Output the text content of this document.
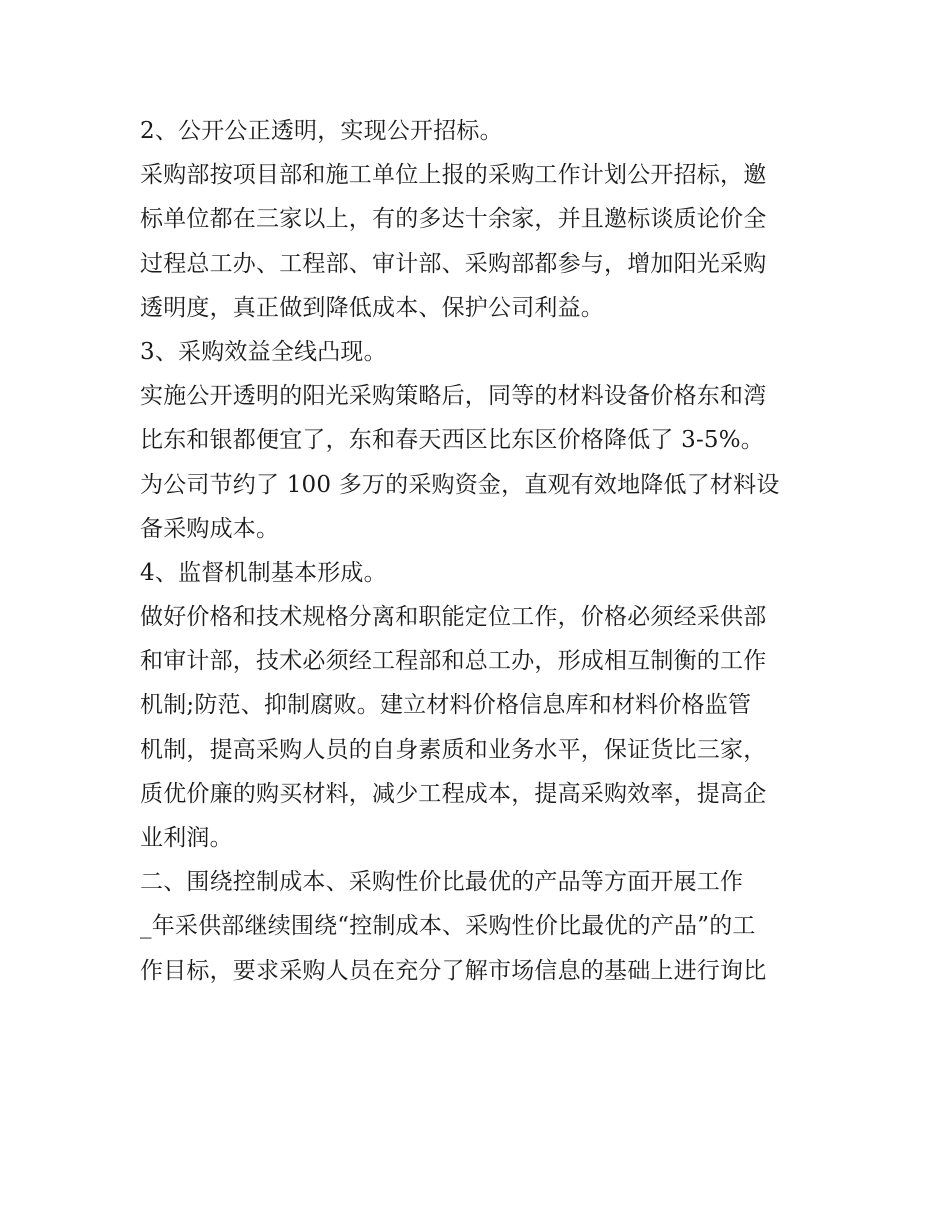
2、公开公正透明，实现公开招标。
采购部按项目部和施工单位上报的采购工作计划公开招标，邀
标单位都在三家以上，有的多达十余家，并且邀标谈质论价全
过程总工办、工程部、审计部、采购部都参与，增加阳光采购
透明度，真正做到降低成本、保护公司利益。
3、采购效益全线凸现。
实施公开透明的阳光采购策略后，同等的材料设备价格东和湾
比东和银都便宜了，东和春天西区比东区价格降低了 3-5%。
为公司节约了 100 多万的采购资金，直观有效地降低了材料设
备采购成本。
4、监督机制基本形成。
做好价格和技术规格分离和职能定位工作，价格必须经采供部
和审计部，技术必须经工程部和总工办，形成相互制衡的工作
机制;防范、抑制腐败。建立材料价格信息库和材料价格监管
机制，提高采购人员的自身素质和业务水平，保证货比三家，
质优价廉的购买材料，减少工程成本，提高采购效率，提高企
业利润。
二、围绕控制成本、采购性价比最优的产品等方面开展工作
_年采供部继续围绕“控制成本、采购性价比最优的产品”的工
作目标，要求采购人员在充分了解市场信息的基础上进行询比
